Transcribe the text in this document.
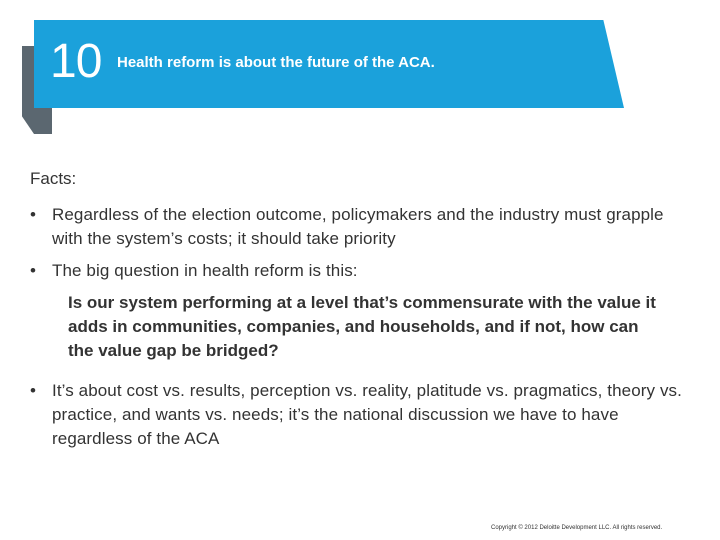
10 Health reform is about the future of the ACA.
Facts:
• Regardless of the election outcome, policymakers and the industry must grapple with the system’s costs; it should take priority
• The big question in health reform is this:
Is our system performing at a level that’s commensurate with the value it adds in communities, companies, and households, and if not, how can the value gap be bridged?
• It’s about cost vs. results, perception vs. reality, platitude vs. pragmatics, theory vs. practice, and wants vs. needs; it’s the national discussion we have to have regardless of the ACA
Copyright © 2012 Deloitte Development LLC. All rights reserved.
